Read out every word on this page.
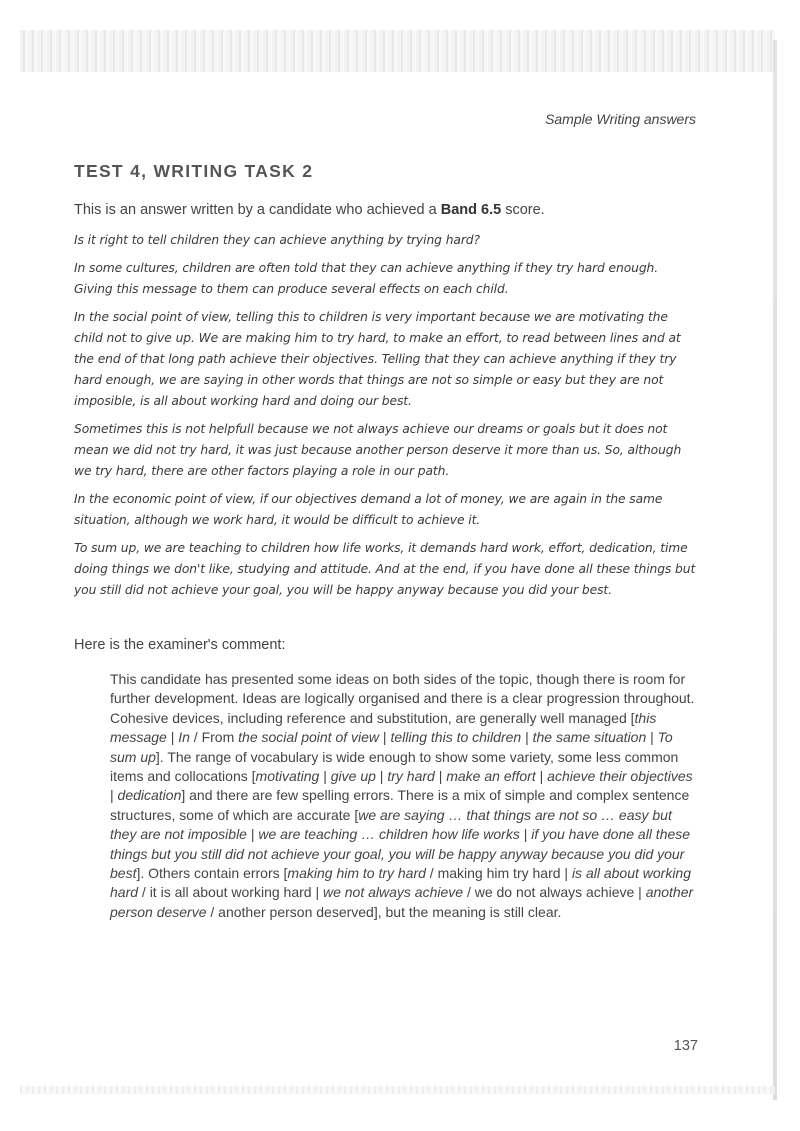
Sample Writing answers
TEST 4, WRITING TASK 2
This is an answer written by a candidate who achieved a Band 6.5 score.

Is it right to tell children they can achieve anything by trying hard?

In some cultures, children are often told that they can achieve anything if they try hard enough. Giving this message to them can produce several effects on each child.

In the social point of view, telling this to children is very important because we are motivating the child not to give up. We are making him to try hard, to make an effort, to read between lines and at the end of that long path achieve their objectives. Telling that they can achieve anything if they try hard enough, we are saying in other words that things are not so simple or easy but they are not imposible, is all about working hard and doing our best.

Sometimes this is not helpfull because we not always achieve our dreams or goals but it does not mean we did not try hard, it was just because another person deserve it more than us. So, although we try hard, there are other factors playing a role in our path.

In the economic point of view, if our objectives demand a lot of money, we are again in the same situation, although we work hard, it would be difficult to achieve it.

To sum up, we are teaching to children how life works, it demands hard work, effort, dedication, time doing things we don't like, studying and attitude. And at the end, if you have done all these things but you still did not achieve your goal, you will be happy anyway because you did your best.

Here is the examiner's comment:
This candidate has presented some ideas on both sides of the topic, though there is room for further development. Ideas are logically organised and there is a clear progression throughout. Cohesive devices, including reference and substitution, are generally well managed [this message | In / From the social point of view | telling this to children | the same situation | To sum up]. The range of vocabulary is wide enough to show some variety, some less common items and collocations [motivating | give up | try hard | make an effort | achieve their objectives | dedication] and there are few spelling errors. There is a mix of simple and complex sentence structures, some of which are accurate [we are saying … that things are not so … easy but they are not imposible | we are teaching … children how life works | if you have done all these things but you still did not achieve your goal, you will be happy anyway because you did your best]. Others contain errors [making him to try hard / making him try hard | is all about working hard / it is all about working hard | we not always achieve / we do not always achieve | another person deserve / another person deserved], but the meaning is still clear.
137
